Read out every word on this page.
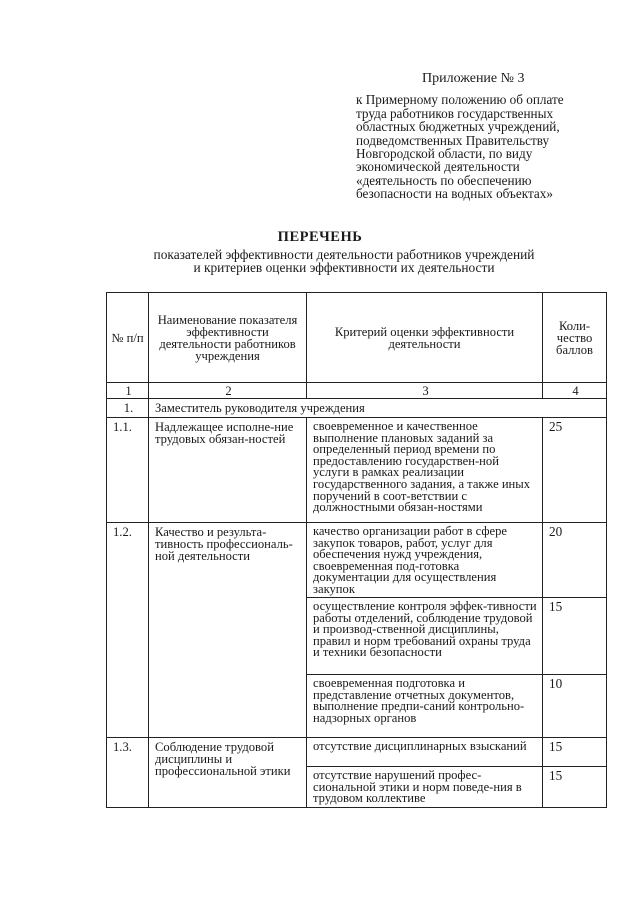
Приложение № 3
к Примерному положению об оплате
труда работников государственных
областных бюджетных учреждений,
подведомственных Правительству
Новгородской области, по виду
экономической деятельности
«деятельность по обеспечению
безопасности на водных объектах»
ПЕРЕЧЕНЬ
показателей эффективности деятельности работников учреждений
и критериев оценки эффективности их деятельности
№ п/п	Наименование показателя эффективности деятельности работников учреждения	Критерий оценки эффективности деятельности	Коли-чество баллов
1	2	3	4
1.	Заместитель руководителя учреждения		
1.1.	Надлежащее исполне-ние трудовых обязан-ностей	своевременное и качественное выполнение плановых заданий за определенный период времени по предоставлению государствен-ной услуги в рамках реализации государственного задания, а также иных поручений в соот-ветствии с должностными обязан-ностями	25
1.2.	Качество и результа-тивность профессиональ-ной деятельности	качество организации работ в сфере закупок товаров, работ, услуг для обеспечения нужд учреждения, своевременная под-готовка документации для осуществления закупок	20
		осуществление контроля эффек-тивности работы отделений, соблюдение трудовой и производ-ственной дисциплины, правил и норм требований охраны труда и техники безопасности	15
		своевременная подготовка и представление отчетных документов, выполнение предпи-саний контрольно-надзорных органов	10
1.3.	Соблюдение трудовой дисциплины и профессиональной этики	отсутствие дисциплинарных взысканий	15
		отсутствие нарушений профес-сиональной этики и норм поведе-ния в трудовом коллективе	15
